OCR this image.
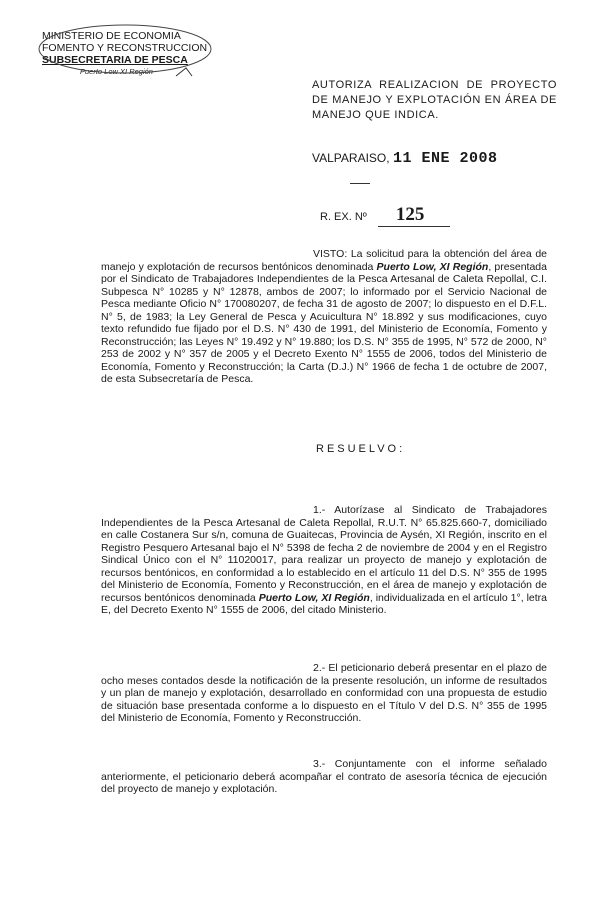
MINISTERIO DE ECONOMIA
FOMENTO Y RECONSTRUCCION
SUBSECRETARIA DE PESCA
Puerto Low XI Región
AUTORIZA REALIZACION DE PROYECTO DE MANEJO Y EXPLOTACIÓN EN ÁREA DE MANEJO QUE INDICA.
VALPARAISO, 11 ENE 2008
R. EX. Nº 125
VISTO: La solicitud para la obtención del área de manejo y explotación de recursos bentónicos denominada Puerto Low, XI Región, presentada por el Sindicato de Trabajadores Independientes de la Pesca Artesanal de Caleta Repollal, C.I. Subpesca N° 10285 y N° 12878, ambos de 2007; lo informado por el Servicio Nacional de Pesca mediante Oficio N° 170080207, de fecha 31 de agosto de 2007; lo dispuesto en el D.F.L. N° 5, de 1983; la Ley General de Pesca y Acuicultura N° 18.892 y sus modificaciones, cuyo texto refundido fue fijado por el D.S. N° 430 de 1991, del Ministerio de Economía, Fomento y Reconstrucción; las Leyes N° 19.492 y N° 19.880; los D.S. N° 355 de 1995, N° 572 de 2000, N° 253 de 2002 y N° 357 de 2005 y el Decreto Exento N° 1555 de 2006, todos del Ministerio de Economía, Fomento y Reconstrucción; la Carta (D.J.) N° 1966 de fecha 1 de octubre de 2007, de esta Subsecretaría de Pesca.
RESUELVO:
1.- Autorízase al Sindicato de Trabajadores Independientes de la Pesca Artesanal de Caleta Repollal, R.U.T. N° 65.825.660-7, domiciliado en calle Costanera Sur s/n, comuna de Guaitecas, Provincia de Aysén, XI Región, inscrito en el Registro Pesquero Artesanal bajo el N° 5398 de fecha 2 de noviembre de 2004 y en el Registro Sindical Único con el N° 11020017, para realizar un proyecto de manejo y explotación de recursos bentónicos, en conformidad a lo establecido en el artículo 11 del D.S. N° 355 de 1995 del Ministerio de Economía, Fomento y Reconstrucción, en el área de manejo y explotación de recursos bentónicos denominada Puerto Low, XI Región, individualizada en el artículo 1°, letra E, del Decreto Exento N° 1555 de 2006, del citado Ministerio.
2.- El peticionario deberá presentar en el plazo de ocho meses contados desde la notificación de la presente resolución, un informe de resultados y un plan de manejo y explotación, desarrollado en conformidad con una propuesta de estudio de situación base presentada conforme a lo dispuesto en el Título V del D.S. N° 355 de 1995 del Ministerio de Economía, Fomento y Reconstrucción.
3.- Conjuntamente con el informe señalado anteriormente, el peticionario deberá acompañar el contrato de asesoría técnica de ejecución del proyecto de manejo y explotación.
